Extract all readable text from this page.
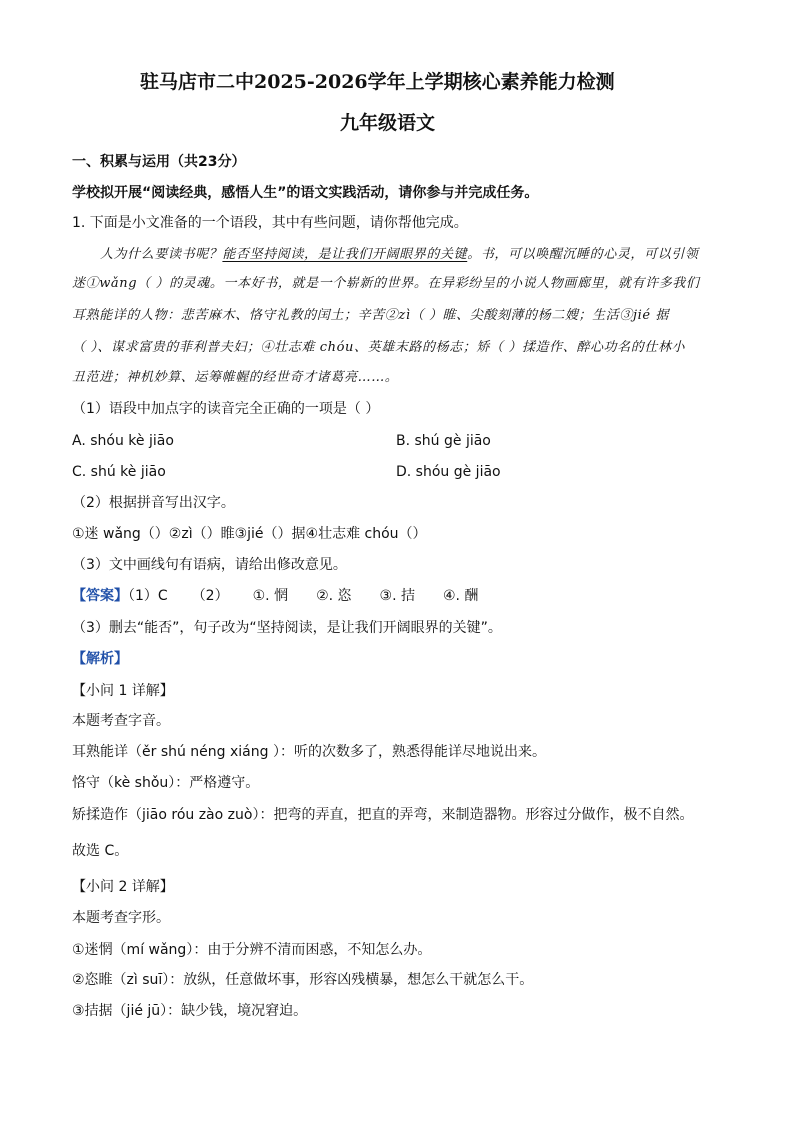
驻马店市二中2025-2026学年上学期核心素养能力检测
九年级语文
一、积累与运用（共23分）
学校拟开展“阅读经典，感悟人生”的语文实践活动，请你参与并完成任务。
1. 下面是小文准备的一个语段，其中有些问题，请你帮他完成。
人为什么要读书呢？能否坚持阅读，是让我们开阔眼界的关键。书，可以唤醒沉睡的心灵，可以引领
迷①wǎng（ ）的灵魂。一本好书，就是一个崭新的世界。在异彩纷呈的小说人物画廊里，就有许多我们
耳熟能详的人物：悲苦麻木、恪守礼教的闰土；辛苦②zì（ ）睢、尖酸刻薄的杨二嫂；生活③jié 据
（ ）、谋求富贵的菲利普夫妇；④壮志难 chóu、英雄末路的杨志；矫（ ）揉造作、醉心功名的仕林小
丑范进；神机妙算、运筹帷幄的经世奇才诸葛亮……。
（1）语段中加点字的读音完全正确的一项是（ ）
A. shóu kè jiāo	B. shú gè jiāo
C. shú kè jiāo	D. shóu gè jiāo
（2）根据拼音写出汉字。
①迷 wǎng（）②zì（）睢③jié（）据④壮志难 chóu（）
（3）文中画线句有语病，请给出修改意见。
【答案】（1）C （2） ①. 惘 ②. 恣 ③. 拮 ④. 酬
（3）删去“能否”，句子改为“坚持阅读，是让我们开阔眼界的关键”。
【解析】
【小问 1 详解】
本题考查字音。
耳熟能详（ěr shú néng xiáng ）：听的次数多了，熟悉得能详尽地说出来。
恪守（kè shǒu）：严格遵守。
矫揉造作（jiāo róu zào zuò）：把弯的弄直，把直的弄弯，来制造器物。形容过分做作，极不自然。
故选 C。
【小问 2 详解】
本题考查字形。
①迷惘（mí wǎng）：由于分辨不清而困惑，不知怎么办。
②恣睢（zì suī）：放纵，任意做坏事，形容凶残横暴，想怎么干就怎么干。
③拮据（jié jū）：缺少钱，境况窘迫。
